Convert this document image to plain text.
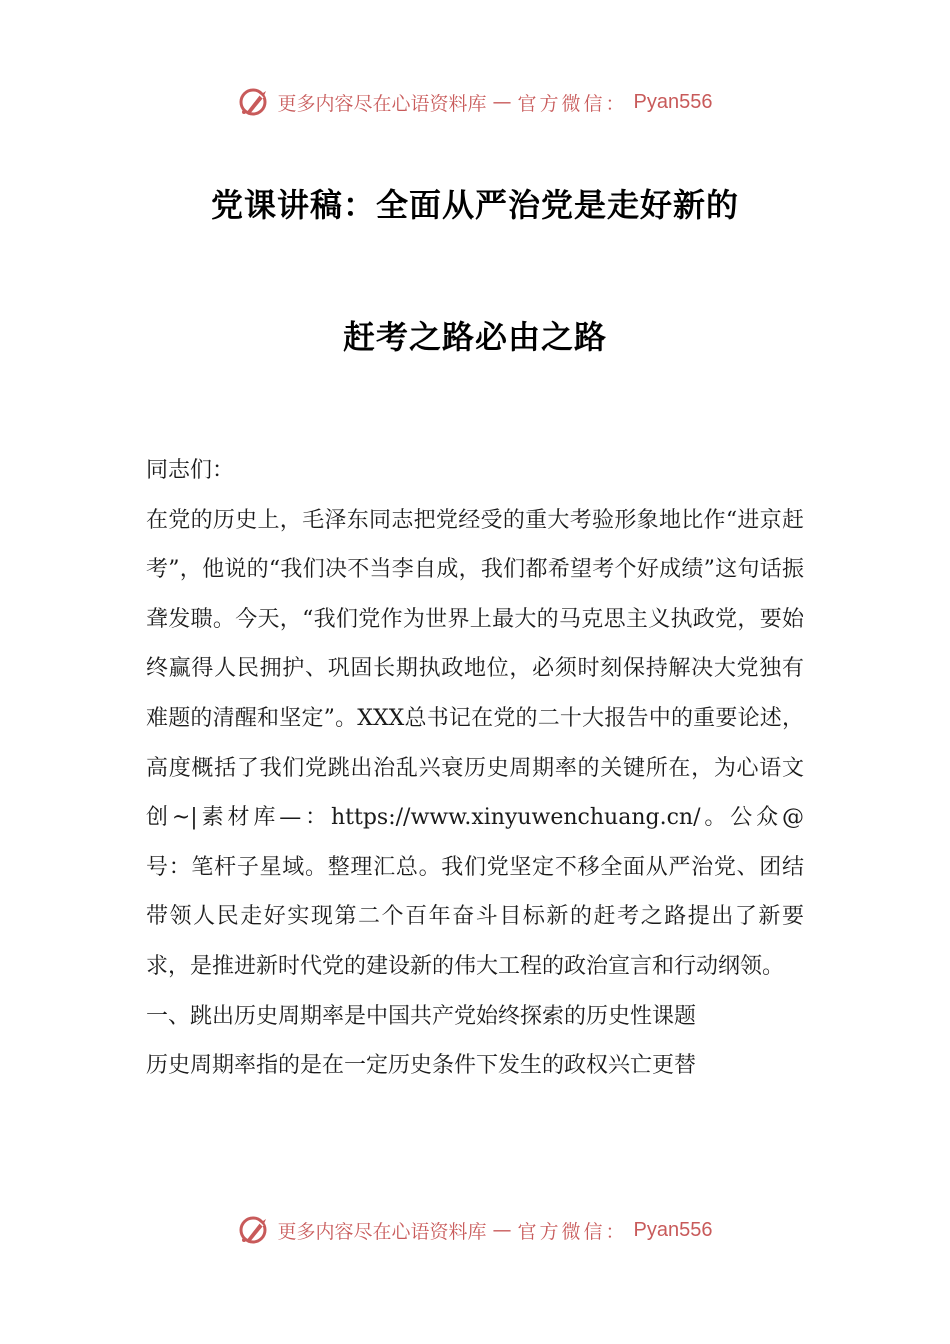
更多内容尽在心语资料库 — 官方微信： Pyan556
党课讲稿：全面从严治党是走好新的
赶考之路必由之路

同志们：

在党的历史上，毛泽东同志把党经受的重大考验形象地比作“进京赶考”，他说的“我们决不当李自成，我们都希望考个好成绩”这句话振聋发聩。今天，“我们党作为世界上最大的马克思主义执政党，要始终赢得人民拥护、巩固长期执政地位，必须时刻保持解决大党独有难题的清醒和坚定”。XXX总书记在党的二十大报告中的重要论述，高度概括了我们党跳出治乱兴衰历史周期率的关键所在，为心语文创~|素材库—：https://www.xinyuwenchuang.cn/。公众@号：笔杆子星域。整理汇总。我们党坚定不移全面从严治党、团结带领人民走好实现第二个百年奋斗目标新的赶考之路提出了新要求，是推进新时代党的建设新的伟大工程的政治宣言和行动纲领。

一、跳出历史周期率是中国共产党始终探索的历史性课题

历史周期率指的是在一定历史条件下发生的政权兴亡更替

更多内容尽在心语资料库 — 官方微信： Pyan556
